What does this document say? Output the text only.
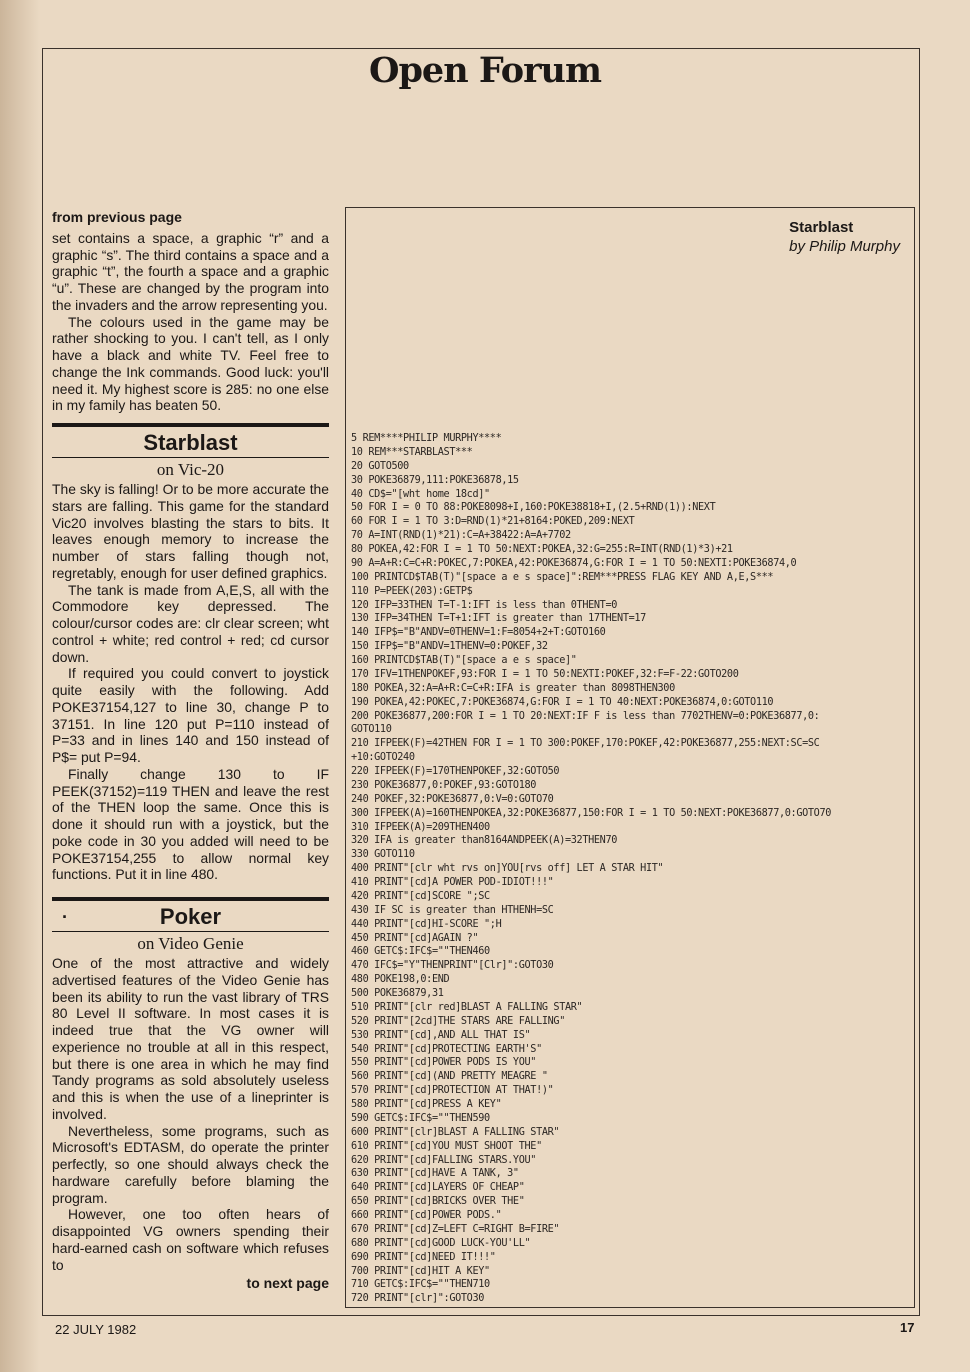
Open Forum
from previous page

set contains a space, a graphic “r” and a graphic “s”. The third contains a space and a graphic “t”, the fourth a space and a graphic “u”. These are changed by the program into the invaders and the arrow representing you.

The colours used in the game may be rather shocking to you. I can't tell, as I only have a black and white TV. Feel free to change the Ink commands. Good luck: you'll need it. My highest score is 285: no one else in my family has beaten 50.

Starblast
on Vic-20

The sky is falling! Or to be more accurate the stars are falling. This game for the standard Vic20 involves blasting the stars to bits. It leaves enough memory to increase the number of stars falling though not, regretably, enough for user defined graphics.

The tank is made from A,E,S, all with the Commodore key depressed. The colour/cursor codes are: clr clear screen; wht control + white; red control + red; cd cursor down.

If required you could convert to joystick quite easily with the following. Add POKE37154,127 to line 30, change P to 37151. In line 120 put P=110 instead of P=33 and in lines 140 and 150 instead of P$= put P=94.

Finally change 130 to IF PEEK(37152)=119 THEN and leave the rest of the THEN loop the same. Once this is done it should run with a joystick, but the poke code in 30 you added will need to be POKE37154,255 to allow normal key functions. Put it in line 480.

·	Poker
on Video Genie

One of the most attractive and widely advertised features of the Video Genie has been its ability to run the vast library of TRS 80 Level II software. In most cases it is indeed true that the VG owner will experience no trouble at all in this respect, but there is one area in which he may find Tandy programs as sold absolutely useless and this is when the use of a lineprinter is involved.

Nevertheless, some programs, such as Microsoft's EDTASM, do operate the printer perfectly, so one should always check the hardware carefully before blaming the program.

However, one too often hears of disappointed VG owners spending their hard-earned cash on software which refuses to

to next page
Starblast
by Philip Murphy
5 REM****PHILIP MURPHY****
10 REM***STARBLAST***
20 GOTO500
30 POKE36879,111:POKE36878,15
40 CD$="[wht home 18cd]"
50 FOR I = 0 TO 88:POKE8098+I,160:POKE38818+I,(2.5+RND(1)):NEXT
60 FOR I = 1 TO 3:D=RND(1)*21+8164:POKED,209:NEXT
70 A=INT(RND(1)*21):C=A+38422:A=A+7702
80 POKEA,42:FOR I = 1 TO 50:NEXT:POKEA,32:G=255:R=INT(RND(1)*3)+21
90 A=A+R:C=C+R:POKEC,7:POKEA,42:POKE36874,G:FOR I = 1 TO 50:NEXTI:POKE36874,0
100 PRINTCD$TAB(T)"[space a e s space]":REM***PRESS FLAG KEY AND A,E,S***
110 P=PEEK(203):GETP$
120 IFP=33THEN T=T-1:IFT is less than 0THENT=0
130 IFP=34THEN T=T+1:IFT is greater than 17THENT=17
140 IFP$="B"ANDV=0THENV=1:F=8054+2+T:GOTO160
150 IFP$="B"ANDV=1THENV=0:POKEF,32
160 PRINTCD$TAB(T)"[space a e s space]"
170 IFV=1THENPOKEF,93:FOR I = 1 TO 50:NEXTI:POKEF,32:F=F-22:GOTO200
180 POKEA,32:A=A+R:C=C+R:IFA is greater than 8098THEN300
190 POKEA,42:POKEC,7:POKE36874,G:FOR I = 1 TO 40:NEXT:POKE36874,0:GOTO110
200 POKE36877,200:FOR I = 1 TO 20:NEXT:IF F is less than 7702THENV=0:POKE36877,0:
GOTO110
210 IFPEEK(F)=42THEN FOR I = 1 TO 300:POKEF,170:POKEF,42:POKE36877,255:NEXT:SC=SC
+10:GOTO240
220 IFPEEK(F)=170THENPOKEF,32:GOTO50
230 POKE36877,0:POKEF,93:GOTO180
240 POKEF,32:POKE36877,0:V=0:GOTO70
300 IFPEEK(A)=160THENPOKEA,32:POKE36877,150:FOR I = 1 TO 50:NEXT:POKE36877,0:GOTO70
310 IFPEEK(A)=209THEN400
320 IFA is greater than8164ANDPEEK(A)=32THEN70
330 GOTO110
400 PRINT"[clr wht rvs on]YOU[rvs off] LET A STAR HIT"
410 PRINT"[cd]A POWER POD-IDIOT!!!"
420 PRINT"[cd]SCORE ";SC
430 IF SC is greater than HTHENH=SC
440 PRINT"[cd]HI-SCORE ";H
450 PRINT"[cd]AGAIN ?"
460 GETC$:IFC$=""THEN460
470 IFC$="Y"THENPRINT"[Clr]":GOTO30
480 POKE198,0:END
500 POKE36879,31
510 PRINT"[clr red]BLAST A FALLING STAR"
520 PRINT"[2cd]THE STARS ARE FALLING"
530 PRINT"[cd],AND ALL THAT IS"
540 PRINT"[cd]PROTECTING EARTH'S"
550 PRINT"[cd]POWER PODS IS YOU"
560 PRINT"[cd](AND PRETTY MEAGRE "
570 PRINT"[cd]PROTECTION AT THAT!)"
580 PRINT"[cd]PRESS A KEY"
590 GETC$:IFC$=""THEN590
600 PRINT"[clr]BLAST A FALLING STAR"
610 PRINT"[cd]YOU MUST SHOOT THE"
620 PRINT"[cd]FALLING STARS.YOU"
630 PRINT"[cd]HAVE A TANK, 3"
640 PRINT"[cd]LAYERS OF CHEAP"
650 PRINT"[cd]BRICKS OVER THE"
660 PRINT"[cd]POWER PODS."
670 PRINT"[cd]Z=LEFT C=RIGHT B=FIRE"
680 PRINT"[cd]GOOD LUCK-YOU'LL"
690 PRINT"[cd]NEED IT!!!"
700 PRINT"[cd]HIT A KEY"
710 GETC$:IFC$=""THEN710
720 PRINT"[clr]":GOTO30
22 JULY 1982	17
